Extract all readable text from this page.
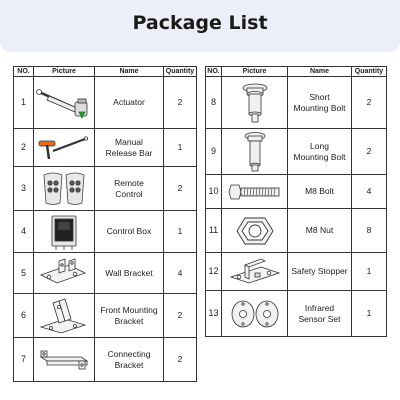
Package List
NO.	Picture	Name	Quantity
1		Actuator	2
2		Manual
Release Bar	1
3		Remote
Control	2
4		Control Box	1
5		Wall Bracket	4
6		Front Mounting
Bracket	2
7		Connecting
Bracket	2
NO.	Picture	Name	Quantity
8		Short
Mounting Bolt	2
9		Long
Mounting Bolt	2
10		M8 Bolt	4
11		M8 Nut	8
12		Safety Stopper	1
13		Infrared
Sensor Set	1
